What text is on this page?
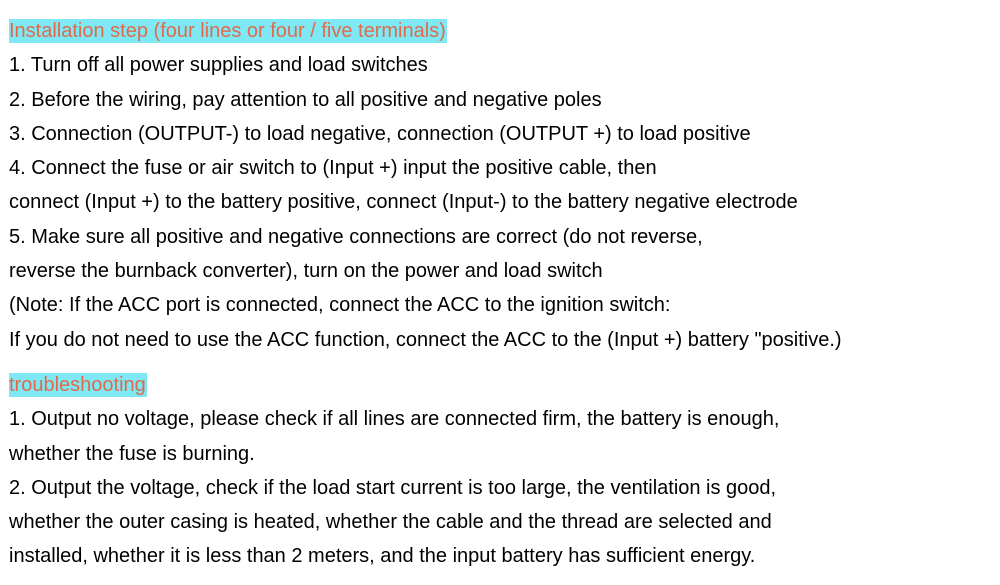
Installation step (four lines or four / five terminals)

1. Turn off all power supplies and load switches

2. Before the wiring, pay attention to all positive and negative poles

3. Connection (OUTPUT-) to load negative, connection (OUTPUT +) to load positive

4. Connect the fuse or air switch to (Input +) input the positive cable, then

connect (Input +) to the battery positive, connect (Input-) to the battery negative electrode

5. Make sure all positive and negative connections are correct (do not reverse,

reverse the burnback converter), turn on the power and load switch

(Note: If the ACC port is connected, connect the ACC to the ignition switch:

If you do not need to use the ACC function, connect the ACC to the (Input +) battery "positive.)

troubleshooting

1. Output no voltage, please check if all lines are connected firm, the battery is enough,

whether the fuse is burning.

2. Output the voltage, check if the load start current is too large, the ventilation is good,

whether the outer casing is heated, whether the cable and the thread are selected and

installed, whether it is less than 2 meters, and the input battery has sufficient energy.
